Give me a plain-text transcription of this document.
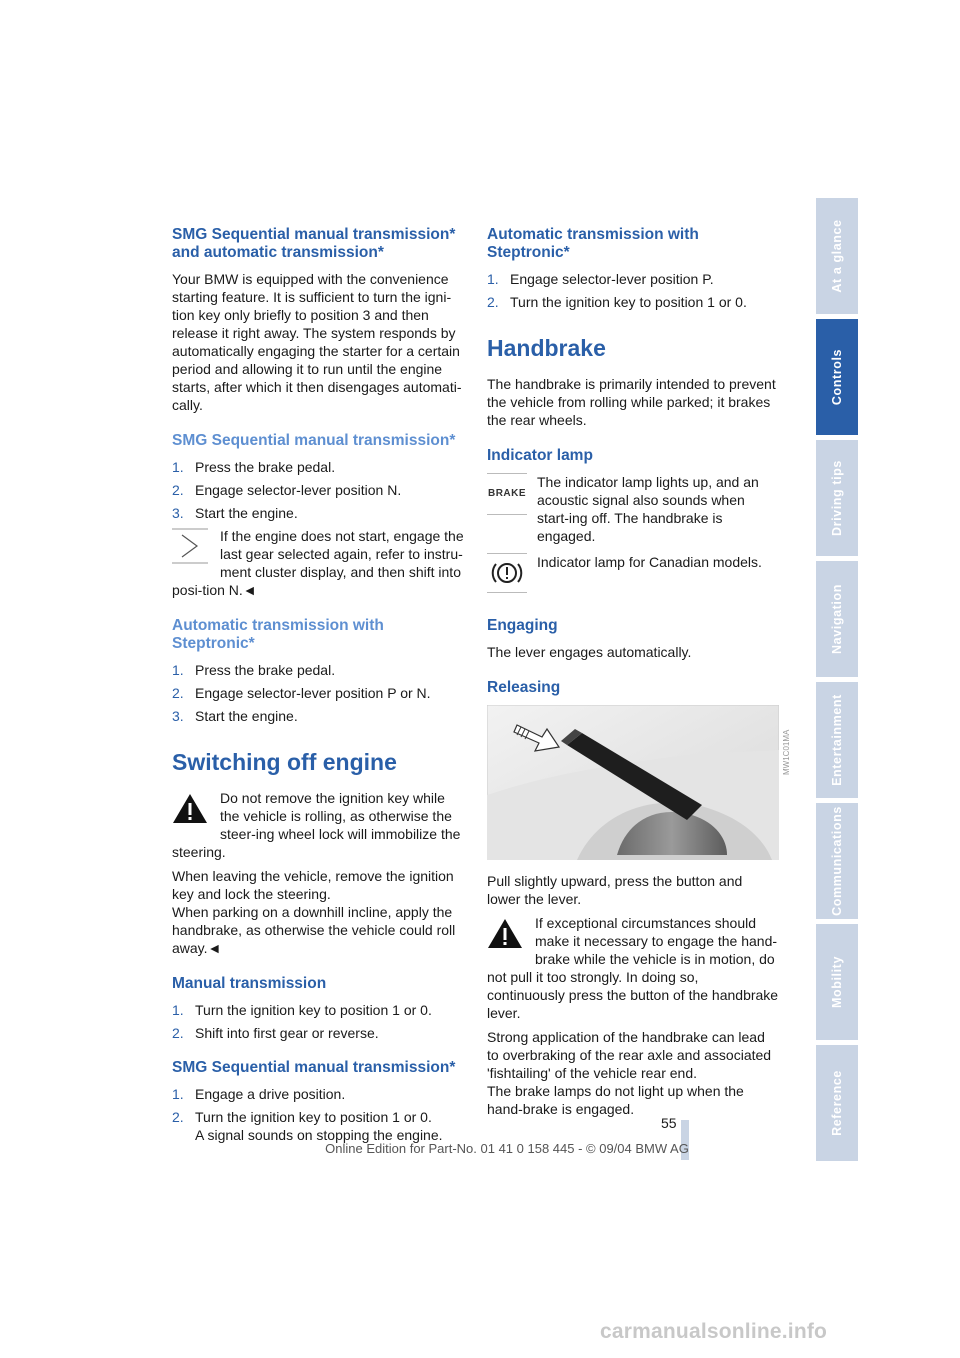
SMG Sequential manual transmission* and automatic transmission*

Your BMW is equipped with the convenience starting feature. It is sufficient to turn the igni-tion key only briefly to position 3 and then release it right away. The system responds by automatically engaging the starter for a certain period and allowing it to run until the engine starts, after which it then disengages automati-cally.

SMG Sequential manual transmission*
1. Press the brake pedal.
2. Engage selector-lever position N.
3. Start the engine.
If the engine does not start, engage the last gear selected again, refer to instru-ment cluster display, and then shift into posi-tion N.◄
Automatic transmission with Steptronic*
1. Press the brake pedal.
2. Engage selector-lever position P or N.
3. Start the engine.
Switching off engine
Do not remove the ignition key while the vehicle is rolling, as otherwise the steer-ing wheel lock will immobilize the steering.

When leaving the vehicle, remove the ignition key and lock the steering.

When parking on a downhill incline, apply the handbrake, as otherwise the vehicle could roll away.◄

Manual transmission
1. Turn the ignition key to position 1 or 0.
2. Shift into first gear or reverse.
SMG Sequential manual transmission*
1. Engage a drive position.
2. Turn the ignition key to position 1 or 0.
A signal sounds on stopping the engine.
Automatic transmission with Steptronic*
1. Engage selector-lever position P.
2. Turn the ignition key to position 1 or 0.
Handbrake

The handbrake is primarily intended to prevent the vehicle from rolling while parked; it brakes the rear wheels.

Indicator lamp
BRAKE

The indicator lamp lights up, and an acoustic signal also sounds when start-ing off. The handbrake is engaged.

Indicator lamp for Canadian models.

Engaging

The lever engages automatically.

Releasing

Pull slightly upward, press the button and lower the lever.

If exceptional circumstances should make it necessary to engage the hand-brake while the vehicle is in motion, do not pull it too strongly. In doing so, continuously press the button of the handbrake lever.

Strong application of the handbrake can lead to overbraking of the rear axle and associated 'fishtailing' of the vehicle rear end.

The brake lamps do not light up when the hand-brake is engaged.

MW1C01MA
At a glance
Controls
Driving tips
Navigation
Entertainment
Communications
Mobility
Reference
55
Online Edition for Part-No. 01 41 0 158 445 - © 09/04 BMW AG
carmanualsonline.info
